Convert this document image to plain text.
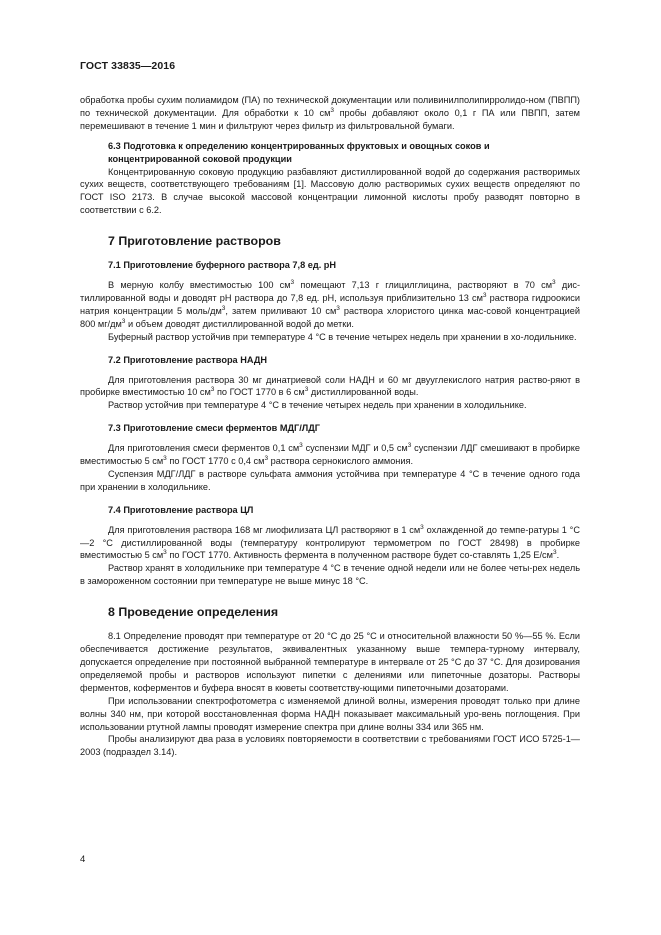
ГОСТ 33835—2016

обработка пробы сухим полиамидом (ПА) по технической документации или поливинилполипирролидо-ном (ПВПП) по технической документации. Для обработки к 10 $см^3$ пробы добавляют около 0,1 г ПА или ПВПП, затем перемешивают в течение 1 мин и фильтруют через фильтр из фильтровальной бумаги.

6.3 Подготовка к определению концентрированных фруктовых и овощных соков и концентрированной соковой продукции

Концентрированную соковую продукцию разбавляют дистиллированной водой до содержания растворимых сухих веществ, соответствующего требованиям [1]. Массовую долю растворимых сухих веществ определяют по ГОСТ ISO 2173. В случае высокой массовой концентрации лимонной кислоты пробу разводят повторно в соответствии с 6.2.

7 Приготовление растворов
7.1 Приготовление буферного раствора 7,8 ед. рН

В мерную колбу вместимостью 100 $см^3$ помещают 7,13 г глицилглицина, растворяют в 70 $см^3$ дис-тиллированной воды и доводят рН раствора до 7,8 ед. рН, используя приблизительно 13 $см^3$ раствора гидроокиси натрия концентрации 5 моль/$дм^3$, затем приливают 10 $см^3$ раствора хлористого цинка мас-совой концентрацией 800 $мг/дм^3$ и объем доводят дистиллированной водой до метки.

Буферный раствор устойчив при температуре 4 °С в течение четырех недель при хранении в хо-лодильнике.

7.2 Приготовление раствора НАДН

Для приготовления раствора 30 мг динатриевой соли НАДН и 60 мг двууглекислого натрия раство-ряют в пробирке вместимостью 10 $см^3$ по ГОСТ 1770 в 6 $см^3$ дистиллированной воды.

Раствор устойчив при температуре 4 °С в течение четырех недель при хранении в холодильнике.

7.3 Приготовление смеси ферментов МДГ/ЛДГ

Для приготовления смеси ферментов 0,1 $см^3$ суспензии МДГ и 0,5 $см^3$ суспензии ЛДГ смешивают в пробирке вместимостью 5 $см^3$ по ГОСТ 1770 с 0,4 $см^3$ раствора сернокислого аммония.

Суспензия МДГ/ЛДГ в растворе сульфата аммония устойчива при температуре 4 °С в течение одного года при хранении в холодильнике.

7.4 Приготовление раствора ЦЛ

Для приготовления раствора 168 мг лиофилизата ЦЛ растворяют в 1 $см^3$ охлажденной до темпе-ратуры 1 °С—2 °С дистиллированной воды (температуру контролируют термометром по ГОСТ 28498) в пробирке вместимостью 5 $см^3$ по ГОСТ 1770. Активность фермента в полученном растворе будет со-ставлять 1,25 $Е/см^3$.

Раствор хранят в холодильнике при температуре 4 °С в течение одной недели или не более четы-рех недель в замороженном состоянии при температуре не выше минус 18 °С.

8 Проведение определения

8.1 Определение проводят при температуре от 20 °С до 25 °С и относительной влажности 50 %—55 %. Если обеспечивается достижение результатов, эквивалентных указанному выше темпера-турному интервалу, допускается определение при постоянной выбранной температуре в интервале от 25 °С до 37 °С. Для дозирования определяемой пробы и растворов используют пипетки с делениями или пипеточные дозаторы. Растворы ферментов, коферментов и буфера вносят в кюветы соответству-ющими пипеточными дозаторами.

При использовании спектрофотометра с изменяемой длиной волны, измерения проводят только при длине волны 340 нм, при которой восстановленная форма НАДН показывает максимальный уро-вень поглощения. При использовании ртутной лампы проводят измерение спектра при длине волны 334 или 365 нм.

Пробы анализируют два раза в условиях повторяемости в соответствии с требованиями ГОСТ ИСО 5725-1—2003 (подраздел 3.14).

4
